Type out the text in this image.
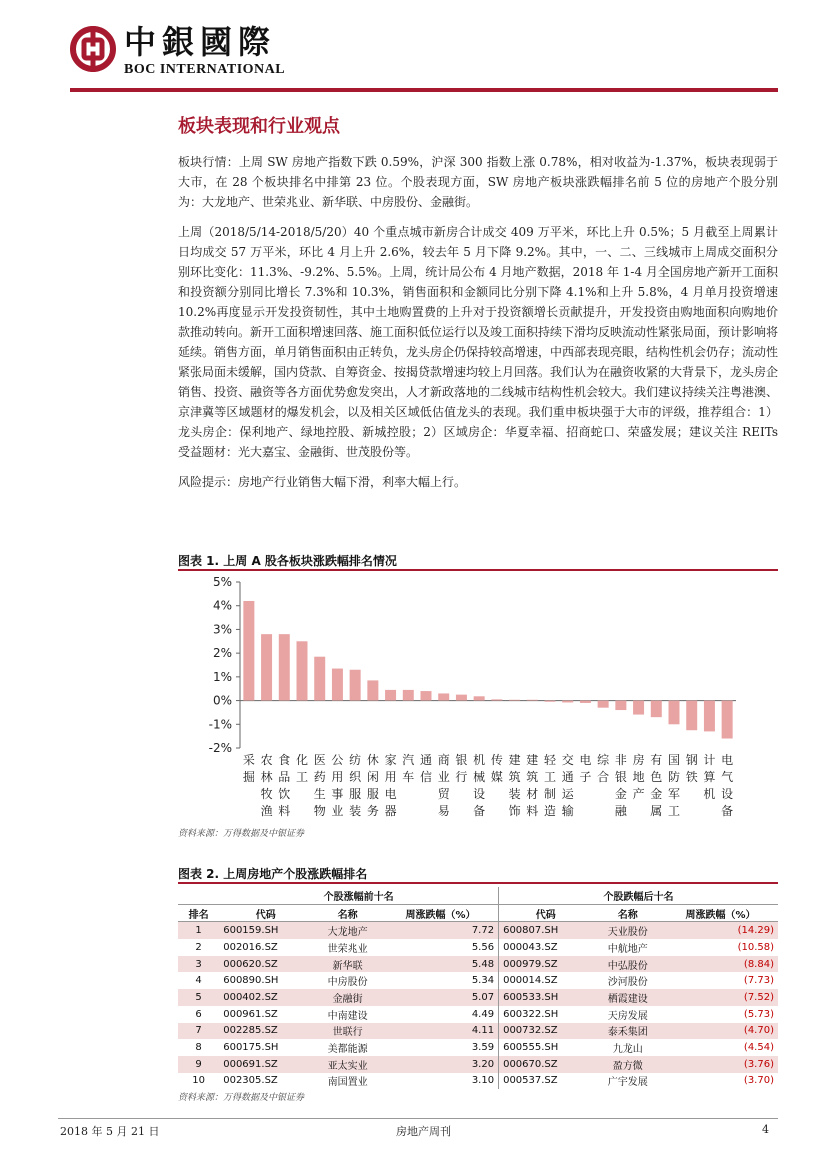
中銀國際
BOC INTERNATIONAL
板块表现和行业观点

板块行情：上周 SW 房地产指数下跌 0.59%，沪深 300 指数上涨 0.78%，相对收益为-1.37%，板块表现弱于大市，在 28 个板块排名中排第 23 位。个股表现方面，SW 房地产板块涨跌幅排名前 5 位的房地产个股分别为：大龙地产、世荣兆业、新华联、中房股份、金融街。

上周（2018/5/14-2018/5/20）40 个重点城市新房合计成交 409 万平米，环比上升 0.5%；5 月截至上周累计日均成交 57 万平米，环比 4 月上升 2.6%，较去年 5 月下降 9.2%。其中，一、二、三线城市上周成交面积分别环比变化：11.3%、-9.2%、5.5%。上周，统计局公布 4 月地产数据，2018 年 1-4 月全国房地产新开工面积和投资额分别同比增长 7.3%和 10.3%，销售面积和金额同比分别下降 4.1%和上升 5.8%，4 月单月投资增速 10.2%再度显示开发投资韧性，其中土地购置费的上升对于投资额增长贡献提升，开发投资由购地面积向购地价款推动转向。新开工面积增速回落、施工面积低位运行以及竣工面积持续下滑均反映流动性紧张局面，预计影响将延续。销售方面，单月销售面积由正转负，龙头房企仍保持较高增速，中西部表现亮眼，结构性机会仍存；流动性紧张局面未缓解，国内贷款、自筹资金、按揭贷款增速均较上月回落。我们认为在融资收紧的大背景下，龙头房企销售、投资、融资等各方面优势愈发突出，人才新政落地的二线城市结构性机会较大。我们建议持续关注粤港澳、京津冀等区域题材的爆发机会，以及相关区域低估值龙头的表现。我们重申板块强于大市的评级，推荐组合：1）龙头房企：保利地产、绿地控股、新城控股；2）区域房企：华夏幸福、招商蛇口、荣盛发展；建议关注 REITs 受益题材：光大嘉宝、金融街、世茂股份等。

风险提示：房地产行业销售大幅下滑，利率大幅上行。

图表 1. 上周 A 股各板块涨跌幅排名情况
5%
4%
3%
2%
1%
0%
-1%
-2%
采
掘
农
林
牧
渔
食
品
饮
料
化
工
医
药
生
物
公
用
事
业
纺
织
服
装
休
闲
服
务
家
用
电
器
汽
车
通
信
商
业
贸
易
银
行
机
械
设
备
传
媒
建
筑
装
饰
建
筑
材
料
轻
工
制
造
交
通
运
输
电
子
综
合
非
银
金
融
房
地
产
有
色
金
属
国
防
军
工
钢
铁
计
算
机
电
气
设
备
资料来源：万得数据及中银证券
图表 2. 上周房地产个股涨跌幅排名
	个股涨幅前十名			个股跌幅后十名		
排名	代码	名称	周涨跌幅（%）	代码	名称	周涨跌幅（%）
1	600159.SH	大龙地产	7.72	600807.SH	天业股份	(14.29)
2	002016.SZ	世荣兆业	5.56	000043.SZ	中航地产	(10.58)
3	000620.SZ	新华联	5.48	000979.SZ	中弘股份	(8.84)
4	600890.SH	中房股份	5.34	000014.SZ	沙河股份	(7.73)
5	000402.SZ	金融街	5.07	600533.SH	栖霞建设	(7.52)
6	000961.SZ	中南建设	4.49	600322.SH	天房发展	(5.73)
7	002285.SZ	世联行	4.11	000732.SZ	泰禾集团	(4.70)
8	600175.SH	美都能源	3.59	600555.SH	九龙山	(4.54)
9	000691.SZ	亚太实业	3.20	000670.SZ	盈方微	(3.76)
10	002305.SZ	南国置业	3.10	000537.SZ	广宇发展	(3.70)
资料来源：万得数据及中银证券
2018 年 5 月 21 日	房地产周刊	4
